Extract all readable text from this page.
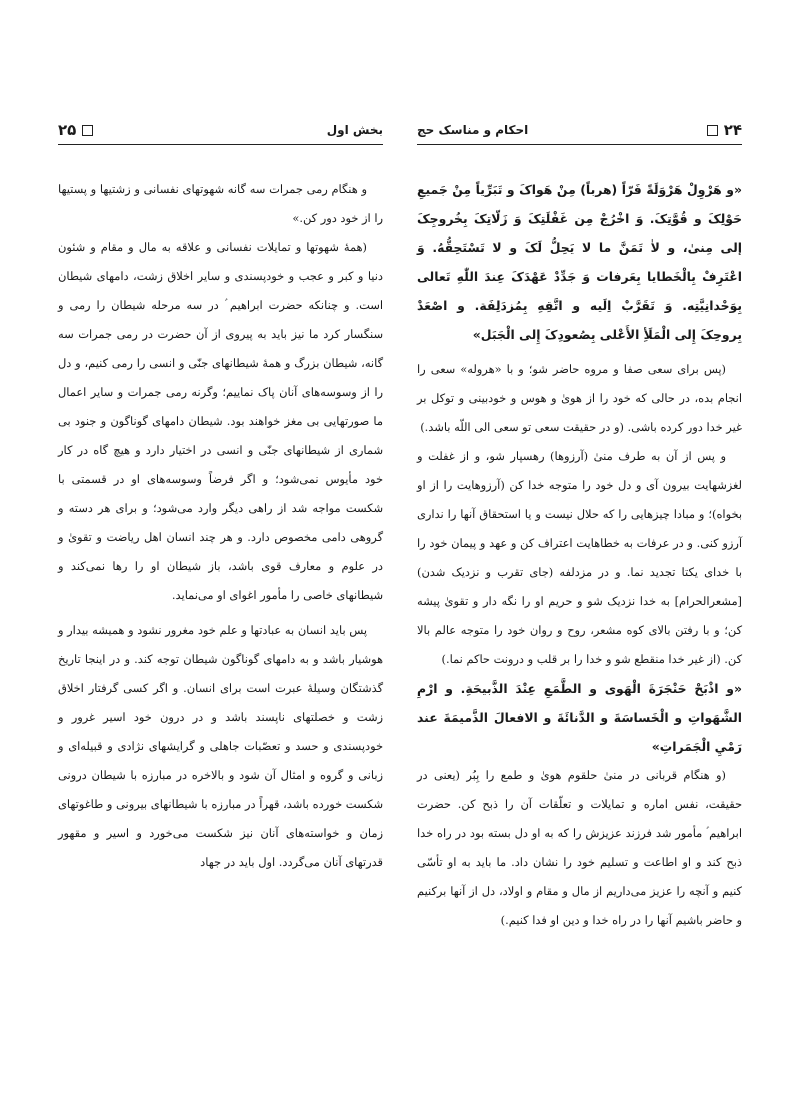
بخش اول
۲۵

و هنگام رمی جمرات سه گانه شهوتهای نفسانی و زشتیها و پستیها را از خود دور کن.»

(همهٔ شهوتها و تمایلات نفسانی و علاقه به مال و مقام و شئون دنیا و کبر و عجب و خودپسندی و سایر اخلاق زشت، دامهای شیطان است. و چنانکه حضرت ابراهیم ؑ در سه مرحله شیطان را رمی و سنگسار کرد ما نیز باید به پیروی از آن حضرت در رمی جمرات سه گانه، شیطان بزرگ و همهٔ شیطانهای جنّی و انسی را رمی کنیم، و دل را از وسوسه‌های آنان پاک نماییم؛ وگرنه رمی جمرات و سایر اعمال ما صورتهایی بی مغز خواهند بود. شیطان دامهای گوناگون و جنود بی شماری از شیطانهای جنّی و انسی در اختیار دارد و هیچ گاه در کار خود مأیوس نمی‌شود؛ و اگر فرضاً وسوسه‌های او در قسمتی با شکست مواجه شد از راهی دیگر وارد می‌شود؛ و برای هر دسته و گروهی دامی مخصوص دارد. و هر چند انسان اهل ریاضت و تقویٰ و در علوم و معارف قوی باشد، باز شیطان او را رها نمی‌کند و شیطانهای خاصی را مأمور اغوای او می‌نماید.

پس باید انسان به عبادتها و علم خود مغرور نشود و همیشه بیدار و هوشیار باشد و به دامهای گوناگون شیطان توجه کند. و در اینجا تاریخ گذشتگان وسیلهٔ عبرت است برای انسان. و اگر کسی گرفتار اخلاق زشت و خصلتهای ناپسند باشد و در درون خود اسیر غرور و خودپسندی و حسد و تعصّبات جاهلی و گرایشهای نژادی و قبیله‌ای و زبانی و گروه و امثال آن شود و بالاخره در مبارزه با شیطان درونی شکست خورده باشد، قهراً در مبارزه با شیطانهای بیرونی و طاغوتهای زمان و خواسته‌های آنان نیز شکست می‌خورد و اسیر و مقهور قدرتهای آنان می‌گردد. اول باید در جهاد

۲۴
احکام و مناسک حج

«و هَرْوِلْ هَرْوَلَةً فَرّاً (هرباً) مِنْ هَواکَ و تَبَرِّياً مِنْ جَميعِ حَوْلِکَ و قُوَّتِکَ. وَ اخْرُجْ مِن غَفْلَتِکَ وَ زَلّاتِکَ بِخُروجِکَ إلی مِنیٰ، و لاٰ تَمَنَّ ما لا يَحِلُّ لَکَ و لا تَسْتَحِقُّهُ. وَ اعْتَرِفْ بِالْخَطايا بِعَرفات وَ جَدِّدْ عَهْدَکَ عِندَ اللّٰهِ تَعالی بِوَحْدانِيَّتِه. وَ تَقَرَّبْ اِلَيه و اتَّقِهِ بِمُزدَلِفَة. و اصْعَدْ بِروحِکَ إِلی الْمَلَأِ الأَعْلی بِصُعودِکَ إِلی الْجَبَل»

(پس برای سعی صفا و مروه حاضر شو؛ و با «هروله» سعی را انجام بده، در حالی که خود را از هویٰ و هوس و خودبینی و توکل بر غیر خدا دور کرده باشی. (و در حقیقت سعی تو سعی الی اللّه باشد.)

و پس از آن به طرف منیٰ (آرزوها) رهسپار شو، و از غفلت و لغزشهایت بیرون آی و دل خود را متوجه خدا کن (آرزوهایت را از او بخواه)؛ و مبادا چیزهایی را که حلال نیست و یا استحقاق آنها را نداری آرزو کنی. و در عرفات به خطاهایت اعتراف کن و عهد و پیمان خود را با خدای یکتا تجدید نما. و در مزدلفه (جای تقرب و نزدیک شدن) [مشعرالحرام] به خدا نزدیک شو و حریم او را نگه دار و تقویٰ پیشه کن؛ و با رفتن بالای کوه مشعر، روح و روان خود را متوجه عالم بالا کن. (از غیر خدا منقطع شو و خدا را بر قلب و درونت حاکم نما.)

«و اذْبَحْ حَنْجَرَةَ الْهَوی و الطَّمَعِ عِنْدَ الذَّبيحَةِ. و ارْمِ الشَّهَواتِ و الْخَساسَةَ و الدَّنائَةَ و الافعالَ الذَّميمَةَ عند رَمْيِ الْجَمَراتِ»

(و هنگام قربانی در منیٰ حلقوم هویٰ و طمع را بِبُر (یعنی در حقیقت، نفس اماره و تمایلات و تعلّقات آن را ذبح کن. حضرت ابراهیم ؑ مأمور شد فرزند عزیزش را که به او دل بسته بود در راه خدا ذبح کند و او اطاعت و تسلیم خود را نشان داد. ما باید به او تأسّی کنیم و آنچه را عزیز می‌داریم از مال و مقام و اولاد، دل از آنها برکنیم و حاضر باشیم آنها را در راه خدا و دین او فدا کنیم.)
